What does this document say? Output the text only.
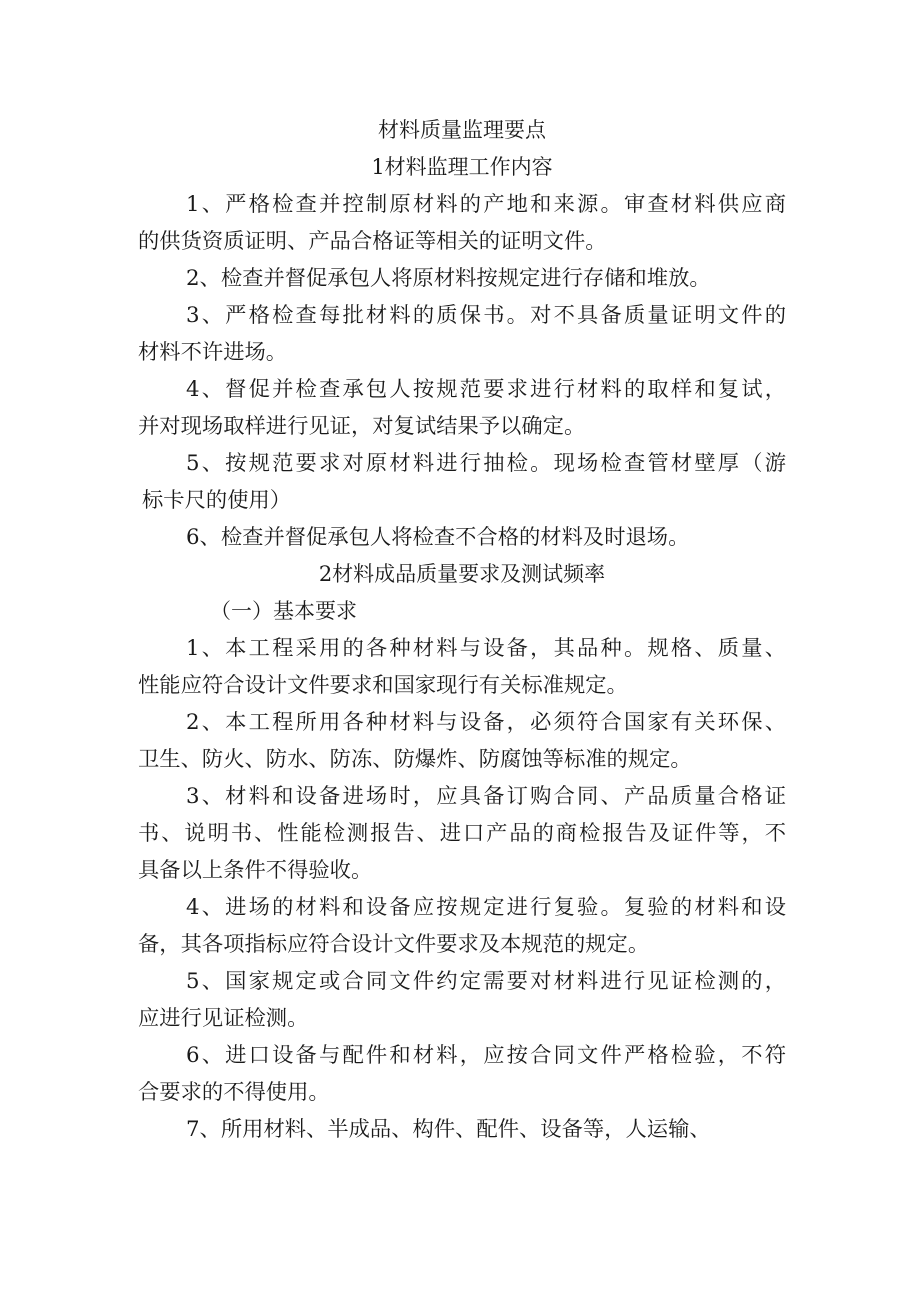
材料质量监理要点
1材料监理工作内容

1、严格检查并控制原材料的产地和来源。审查材料供应商
的供货资质证明、产品合格证等相关的证明文件。

2、检查并督促承包人将原材料按规定进行存储和堆放。

3、严格检查每批材料的质保书。对不具备质量证明文件的
材料不许进场。

4、督促并检查承包人按规范要求进行材料的取样和复试，
并对现场取样进行见证，对复试结果予以确定。

5、按规范要求对原材料进行抽检。现场检查管材壁厚（游
标卡尺的使用）

6、检查并督促承包人将检查不合格的材料及时退场。

2材料成品质量要求及测试频率
（一）基本要求

1、本工程采用的各种材料与设备，其品种。规格、质量、
性能应符合设计文件要求和国家现行有关标准规定。

2、本工程所用各种材料与设备，必须符合国家有关环保、
卫生、防火、防水、防冻、防爆炸、防腐蚀等标准的规定。

3、材料和设备进场时，应具备订购合同、产品质量合格证
书、说明书、性能检测报告、进口产品的商检报告及证件等，不
具备以上条件不得验收。

4、进场的材料和设备应按规定进行复验。复验的材料和设
备，其各项指标应符合设计文件要求及本规范的规定。

5、国家规定或合同文件约定需要对材料进行见证检测的，
应进行见证检测。

6、进口设备与配件和材料，应按合同文件严格检验，不符
合要求的不得使用。

7、所用材料、半成品、构件、配件、设备等，人运输、
